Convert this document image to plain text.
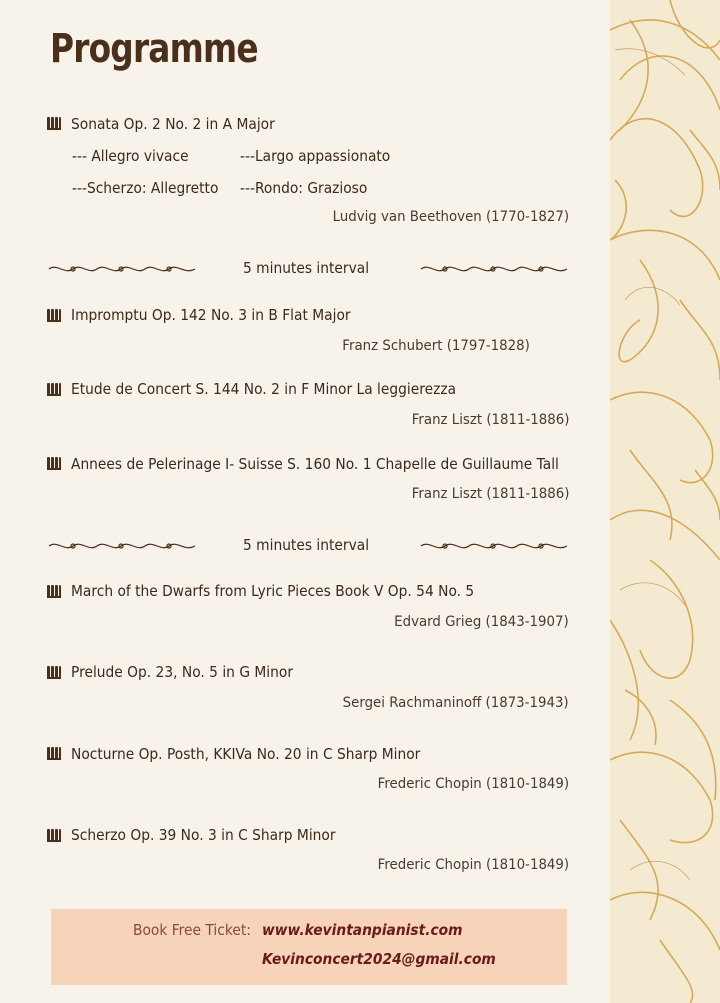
Programme
Sonata Op. 2 No. 2 in A Major
--- Allegro vivace	---Largo appassionato
---Scherzo: Allegretto ---Rondo: Grazioso
Ludvig van Beethoven (1770-1827)
5 minutes interval
Impromptu Op. 142 No. 3 in B Flat Major
Franz Schubert (1797-1828)
Etude de Concert S. 144 No. 2 in F Minor La leggierezza
Franz Liszt (1811-1886)
Annees de Pelerinage I- Suisse S. 160 No. 1 Chapelle de Guillaume Tall
Franz Liszt (1811-1886)
5 minutes interval
March of the Dwarfs from Lyric Pieces Book V Op. 54 No. 5
Edvard Grieg (1843-1907)
Prelude Op. 23, No. 5 in G Minor
Sergei Rachmaninoff (1873-1943)
Nocturne Op. Posth, KKIVa No. 20 in C Sharp Minor
Frederic Chopin (1810-1849)
Scherzo Op. 39 No. 3 in C Sharp Minor
Frederic Chopin (1810-1849)
Book Free Ticket: www.kevintanpianist.com
Kevinconcert2024@gmail.com
